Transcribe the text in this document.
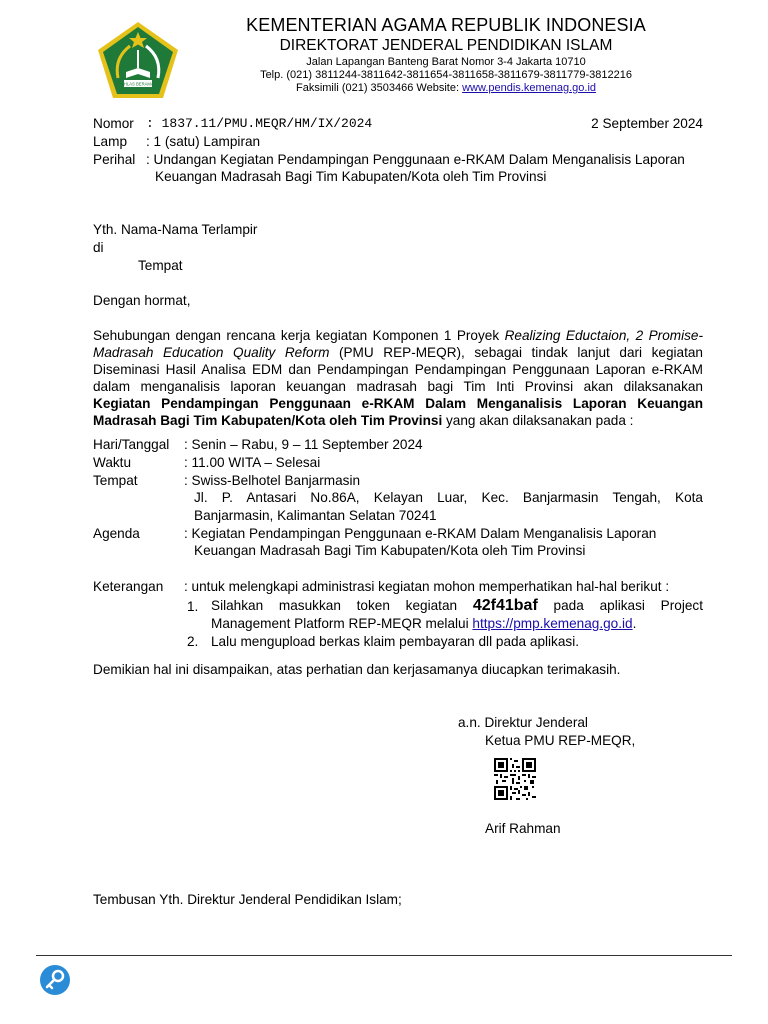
IKHLAS BERAMAL
KEMENTERIAN AGAMA REPUBLIK INDONESIA
DIREKTORAT JENDERAL PENDIDIKAN ISLAM
Jalan Lapangan Banteng Barat Nomor 3-4 Jakarta 10710
Telp. (021) 3811244-3811642-3811654-3811658-3811679-3811779-3812216
Faksimili (021) 3503466 Website: www.pendis.kemenag.go.id
Nomor : 1837.11/PMU.MEQR/HM/IX/2024	2 September 2024
Lamp : 1 (satu) Lampiran
Perihal : Undangan Kegiatan Pendampingan Penggunaan e-RKAM Dalam Menganalisis Laporan
Keuangan Madrasah Bagi Tim Kabupaten/Kota oleh Tim Provinsi
Yth. Nama-Nama Terlampir
di
Tempat
Dengan hormat,
Sehubungan dengan rencana kerja kegiatan Komponen 1 Proyek Realizing Eductaion, 2 Promise-
Madrasah Education Quality Reform (PMU REP-MEQR), sebagai tindak lanjut dari kegiatan
Diseminasi Hasil Analisa EDM dan Pendampingan Pendampingan Penggunaan Laporan e-RKAM
dalam menganalisis laporan keuangan madrasah bagi Tim Inti Provinsi akan dilaksanakan
Kegiatan Pendampingan Penggunaan e-RKAM Dalam Menganalisis Laporan Keuangan
Madrasah Bagi Tim Kabupaten/Kota oleh Tim Provinsi yang akan dilaksanakan pada :
Hari/Tanggal : Senin – Rabu, 9 – 11 September 2024
Waktu	: 11.00 WITA – Selesai
Tempat	: Swiss-Belhotel Banjarmasin
Jl. P. Antasari No.86A, Kelayan Luar, Kec. Banjarmasin Tengah, Kota
Banjarmasin, Kalimantan Selatan 70241
Agenda	: Kegiatan Pendampingan Penggunaan e-RKAM Dalam Menganalisis Laporan
Keuangan Madrasah Bagi Tim Kabupaten/Kota oleh Tim Provinsi
Keterangan : untuk melengkapi administrasi kegiatan mohon memperhatikan hal-hal berikut :
1. Silahkan masukkan token kegiatan 42f41baf pada aplikasi Project
Management Platform REP-MEQR melalui https://pmp.kemenag.go.id.
2. Lalu mengupload berkas klaim pembayaran dll pada aplikasi.
Demikian hal ini disampaikan, atas perhatian dan kerjasamanya diucapkan terimakasih.
a.n. Direktur Jenderal
Ketua PMU REP-MEQR,
Arif Rahman
Tembusan Yth. Direktur Jenderal Pendidikan Islam;
